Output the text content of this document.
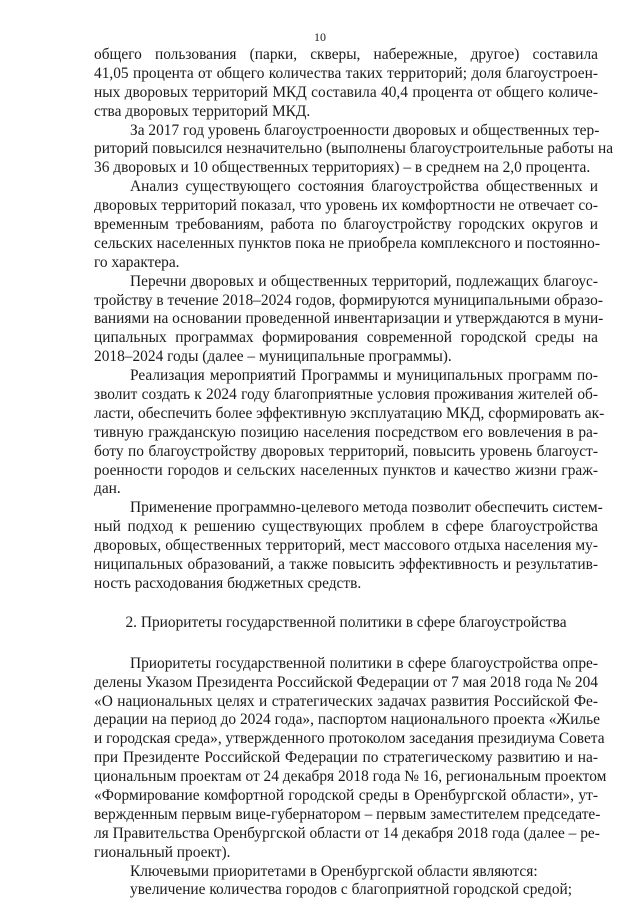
10
общего пользования (парки, скверы, набережные, другое) составила
41,05 процента от общего количества таких территорий; доля благоустроен-
ных дворовых территорий МКД составила 40,4 процента от общего количе-
ства дворовых территорий МКД.
За 2017 год уровень благоустроенности дворовых и общественных тер-
риторий повысился незначительно (выполнены благоустроительные работы на
36 дворовых и 10 общественных территориях) – в среднем на 2,0 процента.
Анализ существующего состояния благоустройства общественных и
дворовых территорий показал, что уровень их комфортности не отвечает со-
временным требованиям, работа по благоустройству городских округов и
сельских населенных пунктов пока не приобрела комплексного и постоянно-
го характера.
Перечни дворовых и общественных территорий, подлежащих благоус-
тройству в течение 2018–2024 годов, формируются муниципальными образо-
ваниями на основании проведенной инвентаризации и утверждаются в муни-
ципальных программах формирования современной городской среды на
2018–2024 годы (далее – муниципальные программы).
Реализация мероприятий Программы и муниципальных программ по-
зволит создать к 2024 году благоприятные условия проживания жителей об-
ласти, обеспечить более эффективную эксплуатацию МКД, сформировать ак-
тивную гражданскую позицию населения посредством его вовлечения в ра-
боту по благоустройству дворовых территорий, повысить уровень благоуст-
роенности городов и сельских населенных пунктов и качество жизни граж-
дан.
Применение программно-целевого метода позволит обеспечить систем-
ный подход к решению существующих проблем в сфере благоустройства
дворовых, общественных территорий, мест массового отдыха населения му-
ниципальных образований, а также повысить эффективность и результатив-
ность расходования бюджетных средств.
2. Приоритеты государственной политики в сфере благоустройства
Приоритеты государственной политики в сфере благоустройства опре-
делены Указом Президента Российской Федерации от 7 мая 2018 года № 204
«О национальных целях и стратегических задачах развития Российской Фе-
дерации на период до 2024 года», паспортом национального проекта «Жилье
и городская среда», утвержденного протоколом заседания президиума Совета
при Президенте Российской Федерации по стратегическому развитию и на-
циональным проектам от 24 декабря 2018 года № 16, региональным проектом
«Формирование комфортной городской среды в Оренбургской области», ут-
вержденным первым вице-губернатором – первым заместителем председате-
ля Правительства Оренбургской области от 14 декабря 2018 года (далее – ре-
гиональный проект).
Ключевыми приоритетами в Оренбургской области являются:
увеличение количества городов с благоприятной городской средой;
